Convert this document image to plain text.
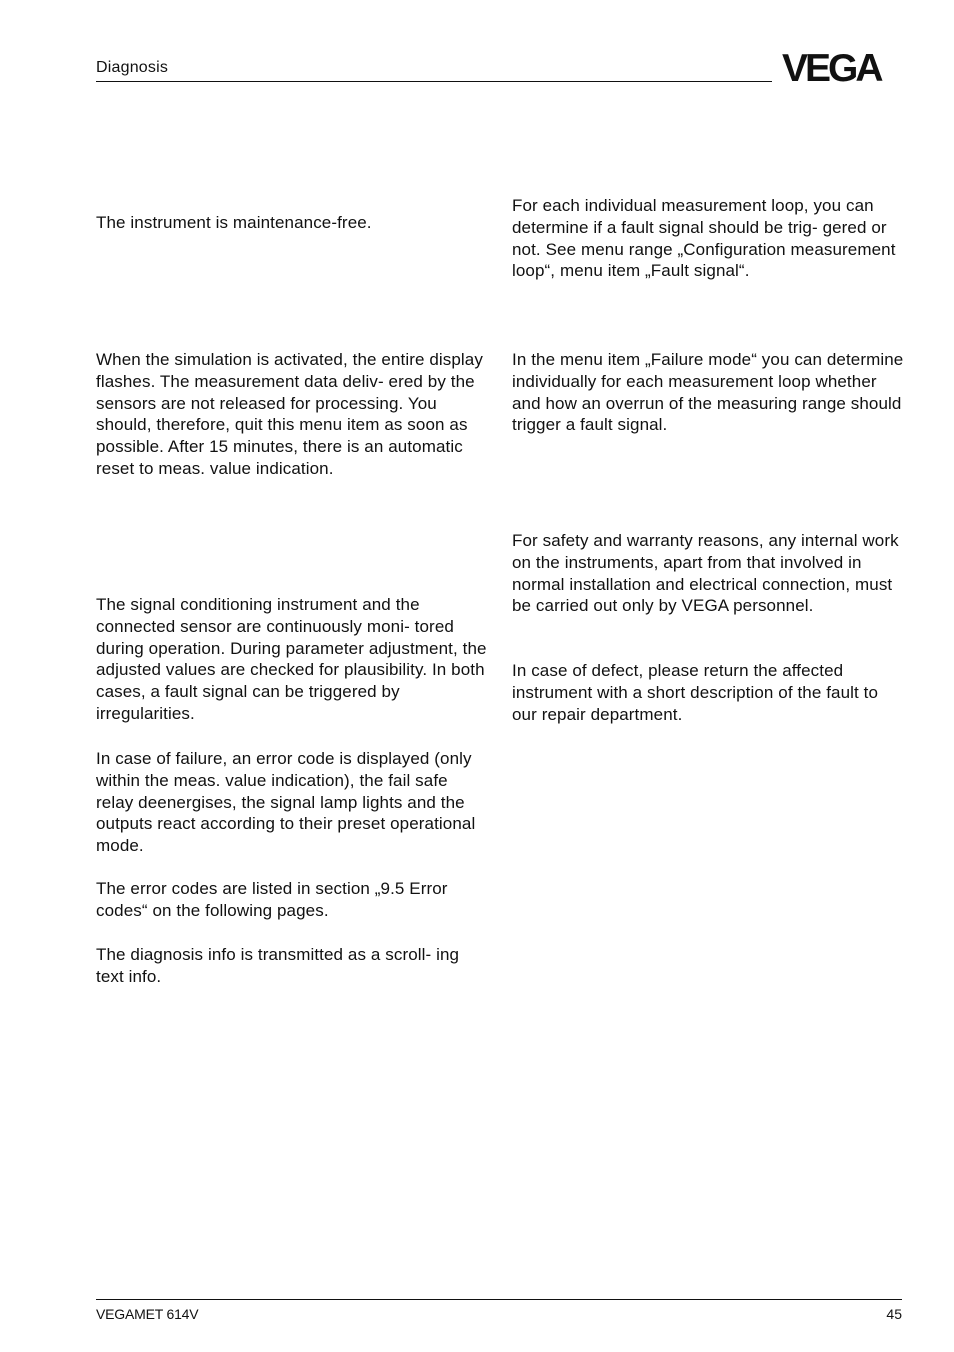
Diagnosis	VEGA

The instrument is maintenance-free.

When the simulation is activated, the entire display flashes. The measurement data deliv- ered by the sensors are not released for processing. You should, therefore, quit this menu item as soon as possible. After 15 minutes, there is an automatic reset to meas. value indication.

The signal conditioning instrument and the connected sensor are continuously moni- tored during operation. During parameter adjustment, the adjusted values are checked for plausibility. In both cases, a fault signal can be triggered by irregularities.

In case of failure, an error code is displayed (only within the meas. value indication), the fail safe relay deenergises, the signal lamp lights and the outputs react according to their preset operational mode.

The error codes are listed in section „9.5 Error codes“ on the following pages.

The diagnosis info is transmitted as a scroll- ing text info.

For each individual measurement loop, you can determine if a fault signal should be trig- gered or not. See menu range „Configuration measurement loop“, menu item „Fault signal“.

In the menu item „Failure mode“ you can determine individually for each measurement loop whether and how an overrun of the measuring range should trigger a fault signal.

For safety and warranty reasons, any internal work on the instruments, apart from that involved in normal installation and electrical connection, must be carried out only by VEGA personnel.

In case of defect, please return the affected instrument with a short description of the fault to our repair department.

VEGAMET 614V	45
